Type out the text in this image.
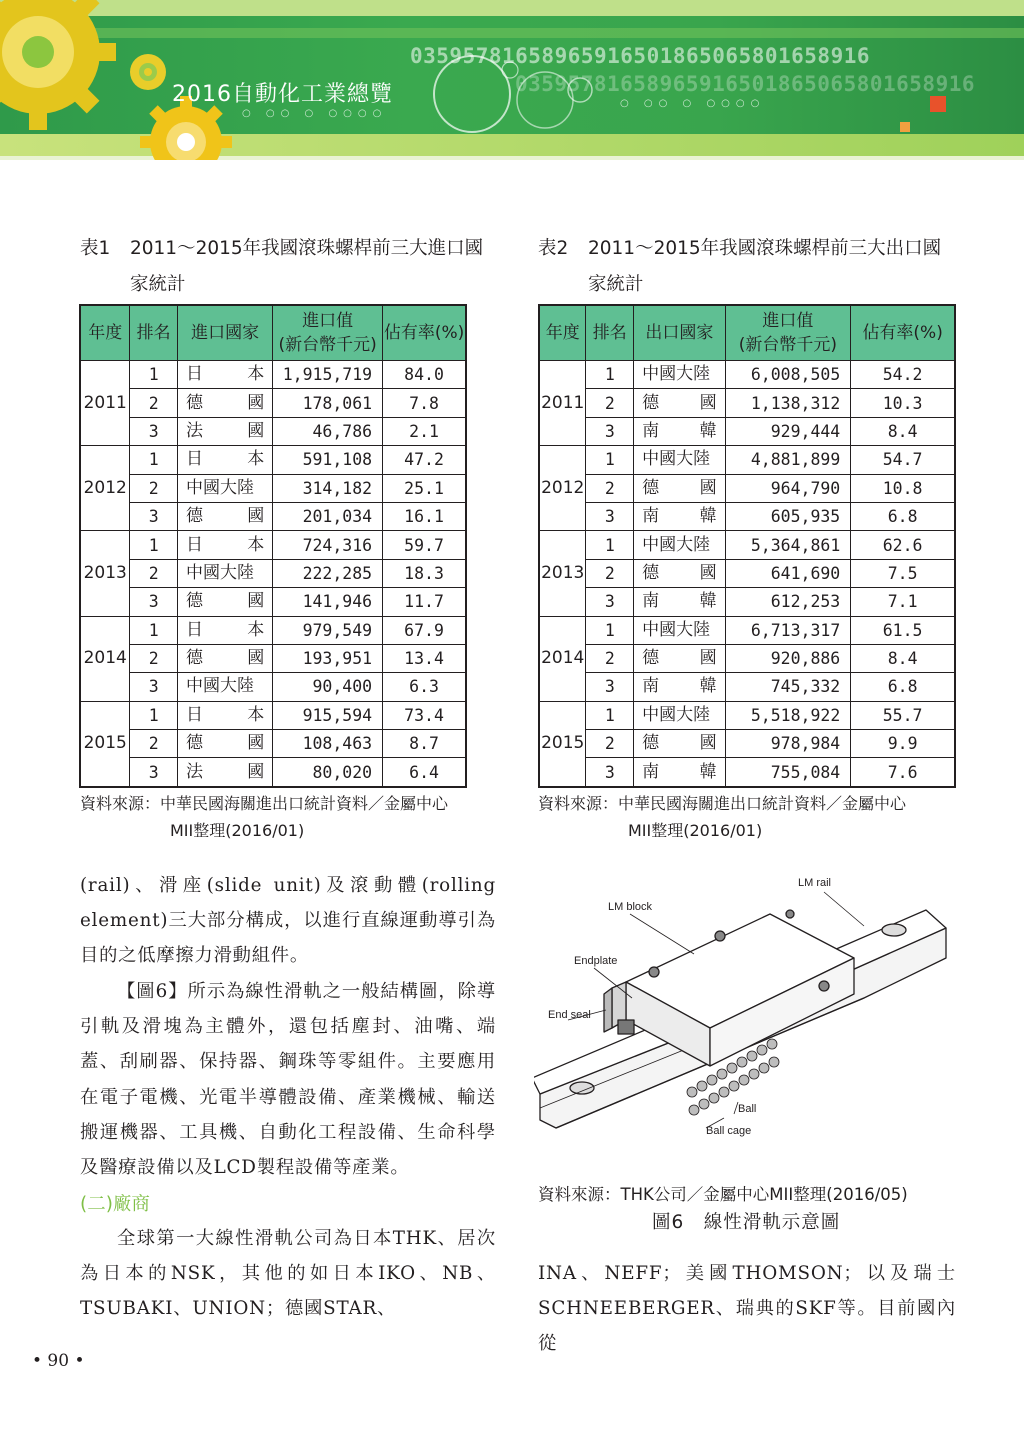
0359578165896591650186506580165891​6
03595781658965916501865065801658916
○ ○○ ○ ○○○○
○ ○○ ○ ○○○○
2016自動化工業總覽
表1 2011～2015年我國滾珠螺桿前三大進口國
家統計
年度	排名	進口國家	進口值
(新台幣千元)	佔有率(%)
2011	1	日　本	1,915,719	84.0
	2	德　國	178,061	7.8
	3	法　國	46,786	2.1
2012	1	日　本	591,108	47.2
	2	中國大陸	314,182	25.1
	3	德　國	201,034	16.1
2013	1	日　本	724,316	59.7
	2	中國大陸	222,285	18.3
	3	德　國	141,946	11.7
2014	1	日　本	979,549	67.9
	2	德　國	193,951	13.4
	3	中國大陸	90,400	6.3
2015	1	日　本	915,594	73.4
	2	德　國	108,463	8.7
	3	法　國	80,020	6.4
資料來源：中華民國海關進出口統計資料／金屬中心
MII整理(2016/01)
表2 2011～2015年我國滾珠螺桿前三大出口國
家統計
年度	排名	出口國家	進口值
(新台幣千元)	佔有率(%)
2011	1	中國大陸	6,008,505	54.2
	2	德　國	1,138,312	10.3
	3	南　韓	929,444	8.4
2012	1	中國大陸	4,881,899	54.7
	2	德　國	964,790	10.8
	3	南　韓	605,935	6.8
2013	1	中國大陸	5,364,861	62.6
	2	德　國	641,690	7.5
	3	南　韓	612,253	7.1
2014	1	中國大陸	6,713,317	61.5
	2	德　國	920,886	8.4
	3	南　韓	745,332	6.8
2015	1	中國大陸	5,518,922	55.7
	2	德　國	978,984	9.9
	3	南　韓	755,084	7.6
資料來源：中華民國海關進出口統計資料／金屬中心
MII整理(2016/01)
(rail)、滑座(slide unit)及滾動體(rolling element)三大部分構成，以進行直線運動導引為目的之低摩擦力滑動組件。
【圖6】所示為線性滑軌之一般結構圖，除導引軌及滑塊為主體外，還包括塵封、油嘴、端蓋、刮刷器、保持器、鋼珠等零組件。主要應用在電子電機、光電半導體設備、產業機械、輸送搬運機器、工具機、自動化工程設備、生命科學及醫療設備以及LCD製程設備等產業。
(二)廠商
全球第一大線性滑軌公司為日本THK、居次為日本的NSK，其他的如日本IKO、NB、TSUBAKI、UNION；德國STAR、
INA、NEFF；美國THOMSON；以及瑞士SCHNEEBERGER、瑞典的SKF等。目前國內從
LM rail
LM block
Endplate
End seal
Ball
Ball cage
資料來源：THK公司／金屬中心MII整理(2016/05)
圖6　線性滑軌示意圖
• 90 •
